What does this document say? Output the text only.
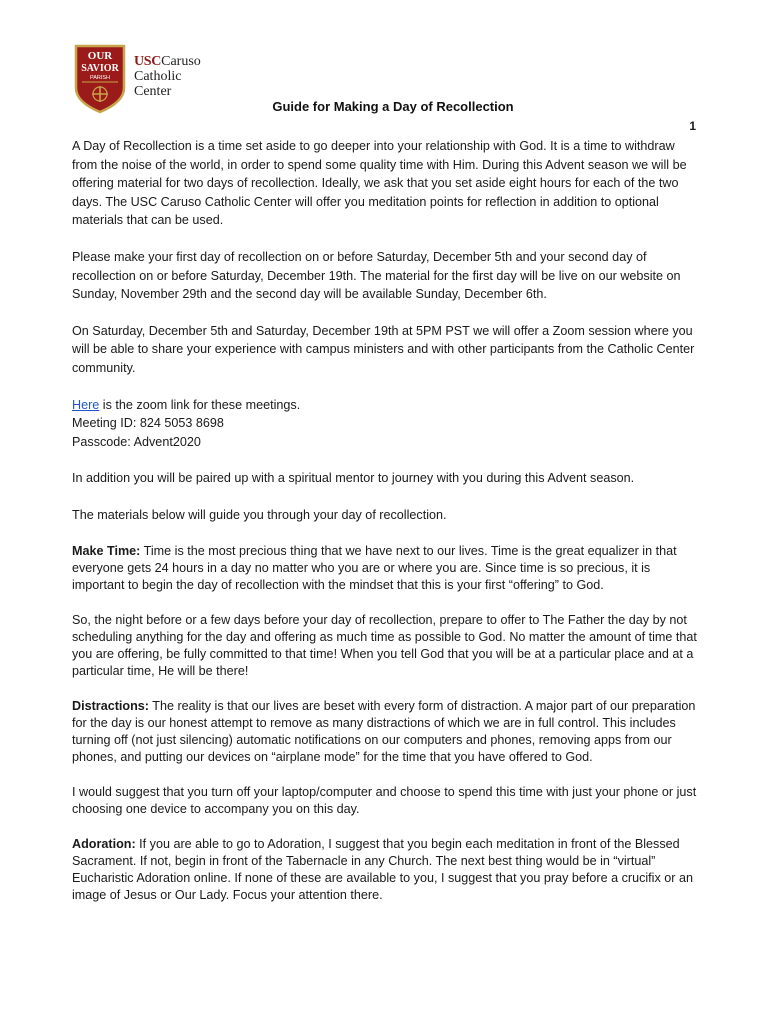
OUR
SAVIOR
PARISH
USCCaruso
Catholic Center
Guide for Making a Day of Recollection
1

A Day of Recollection is a time set aside to go deeper into your relationship with God. It is a time to withdraw from the noise of the world, in order to spend some quality time with Him. During this Advent season we will be offering material for two days of recollection. Ideally, we ask that you set aside eight hours for each of the two days. The USC Caruso Catholic Center will offer you meditation points for reflection in addition to optional materials that can be used.

Please make your first day of recollection on or before Saturday, December 5th and your second day of recollection on or before Saturday, December 19th. The material for the first day will be live on our website on Sunday, November 29th and the second day will be available Sunday, December 6th.

On Saturday, December 5th and Saturday, December 19th at 5PM PST we will offer a Zoom session where you will be able to share your experience with campus ministers and with other participants from the Catholic Center community.

Here is the zoom link for these meetings.
Meeting ID: 824 5053 8698
Passcode: Advent2020

In addition you will be paired up with a spiritual mentor to journey with you during this Advent season.

The materials below will guide you through your day of recollection.

Make Time: Time is the most precious thing that we have next to our lives. Time is the great equalizer in that everyone gets 24 hours in a day no matter who you are or where you are. Since time is so precious, it is important to begin the day of recollection with the mindset that this is your first “offering” to God.

So, the night before or a few days before your day of recollection, prepare to offer to The Father the day by not scheduling anything for the day and offering as much time as possible to God. No matter the amount of time that you are offering, be fully committed to that time! When you tell God that you will be at a particular place and at a particular time, He will be there!

Distractions: The reality is that our lives are beset with every form of distraction. A major part of our preparation for the day is our honest attempt to remove as many distractions of which we are in full control. This includes turning off (not just silencing) automatic notifications on our computers and phones, removing apps from our phones, and putting our devices on “airplane mode” for the time that you have offered to God.

I would suggest that you turn off your laptop/computer and choose to spend this time with just your phone or just choosing one device to accompany you on this day.

Adoration: If you are able to go to Adoration, I suggest that you begin each meditation in front of the Blessed Sacrament. If not, begin in front of the Tabernacle in any Church. The next best thing would be in “virtual” Eucharistic Adoration online. If none of these are available to you, I suggest that you pray before a crucifix or an image of Jesus or Our Lady. Focus your attention there.
